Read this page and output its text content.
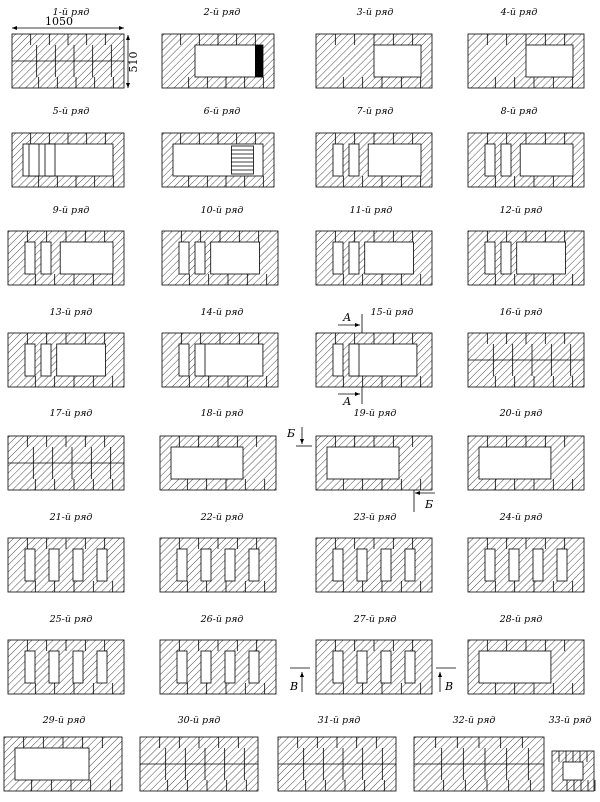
1050
510
А
А
Б
Б
В	В
1-й ряд	2-й ряд	3-й ряд	4-й ряд
5-й ряд	6-й ряд	7-й ряд	8-й ряд
9-й ряд	10-й ряд	11-й ряд	12-й ряд
13-й ряд	14-й ряд	15-й ряд	16-й ряд
17-й ряд	18-й ряд	19-й ряд	20-й ряд
21-й ряд	22-й ряд	23-й ряд	24-й ряд
25-й ряд	26-й ряд	27-й ряд	28-й ряд
29-й ряд	30-й ряд	31-й ряд	32-й ряд	33-й ряд
